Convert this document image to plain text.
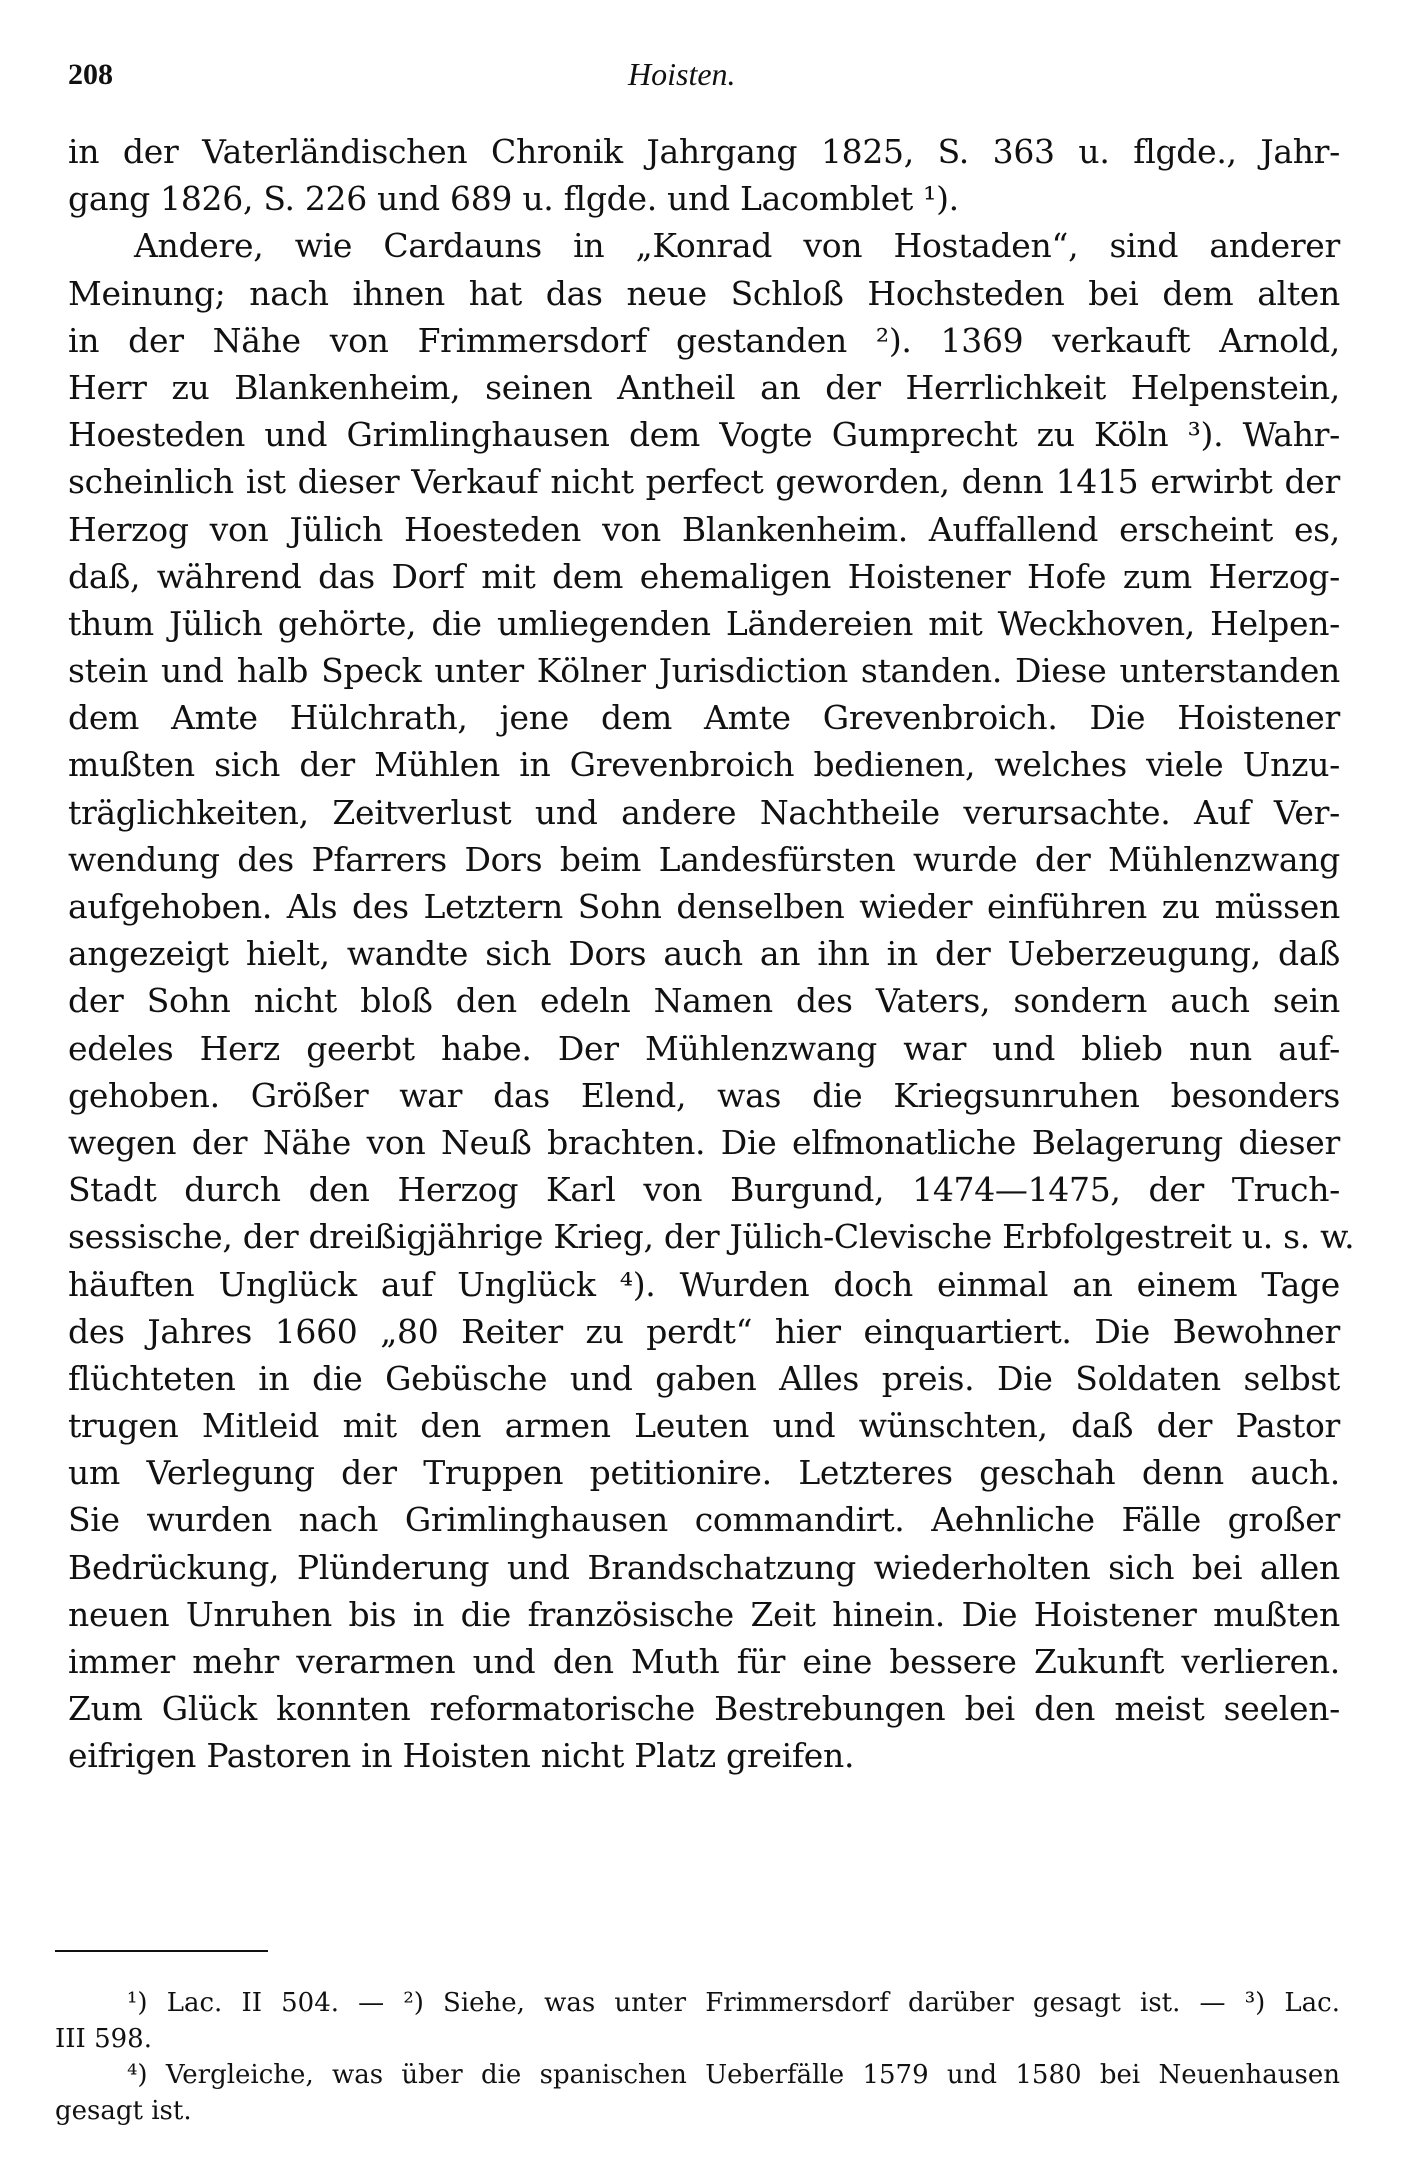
208	Hoisten.
in der Vaterländischen Chronik Jahrgang 1825, S. 363 u. flgde., Jahr-
gang 1826, S. 226 und 689 u. flgde. und Lacomblet ¹).
Andere, wie Cardauns in „Konrad von Hostaden“, sind anderer
Meinung; nach ihnen hat das neue Schloß Hochsteden bei dem alten
in der Nähe von Frimmersdorf gestanden ²). 1369 verkauft Arnold,
Herr zu Blankenheim, seinen Antheil an der Herrlichkeit Helpenstein,
Hoesteden und Grimlinghausen dem Vogte Gumprecht zu Köln ³). Wahr-
scheinlich ist dieser Verkauf nicht perfect geworden, denn 1415 erwirbt der
Herzog von Jülich Hoesteden von Blankenheim. Auffallend erscheint es,
daß, während das Dorf mit dem ehemaligen Hoistener Hofe zum Herzog-
thum Jülich gehörte, die umliegenden Ländereien mit Weckhoven, Helpen-
stein und halb Speck unter Kölner Jurisdiction standen. Diese unterstanden
dem Amte Hülchrath, jene dem Amte Grevenbroich. Die Hoistener
mußten sich der Mühlen in Grevenbroich bedienen, welches viele Unzu-
träglichkeiten, Zeitverlust und andere Nachtheile verursachte. Auf Ver-
wendung des Pfarrers Dors beim Landesfürsten wurde der Mühlenzwang
aufgehoben. Als des Letztern Sohn denselben wieder einführen zu müssen
angezeigt hielt, wandte sich Dors auch an ihn in der Ueberzeugung, daß
der Sohn nicht bloß den edeln Namen des Vaters, sondern auch sein
edeles Herz geerbt habe. Der Mühlenzwang war und blieb nun auf-
gehoben. Größer war das Elend, was die Kriegsunruhen besonders
wegen der Nähe von Neuß brachten. Die elfmonatliche Belagerung dieser
Stadt durch den Herzog Karl von Burgund, 1474—1475, der Truch-
sessische, der dreißigjährige Krieg, der Jülich-Clevische Erbfolgestreit u. s. w.
häuften Unglück auf Unglück ⁴). Wurden doch einmal an einem Tage
des Jahres 1660 „80 Reiter zu perdt“ hier einquartiert. Die Bewohner
flüchteten in die Gebüsche und gaben Alles preis. Die Soldaten selbst
trugen Mitleid mit den armen Leuten und wünschten, daß der Pastor
um Verlegung der Truppen petitionire. Letzteres geschah denn auch.
Sie wurden nach Grimlinghausen commandirt. Aehnliche Fälle großer
Bedrückung, Plünderung und Brandschatzung wiederholten sich bei allen
neuen Unruhen bis in die französische Zeit hinein. Die Hoistener mußten
immer mehr verarmen und den Muth für eine bessere Zukunft verlieren.
Zum Glück konnten reformatorische Bestrebungen bei den meist seelen-
eifrigen Pastoren in Hoisten nicht Platz greifen.
¹) Lac. II 504. — ²) Siehe, was unter Frimmersdorf darüber gesagt ist. — ³) Lac.
III 598.
⁴) Vergleiche, was über die spanischen Ueberfälle 1579 und 1580 bei Neuenhausen
gesagt ist.
